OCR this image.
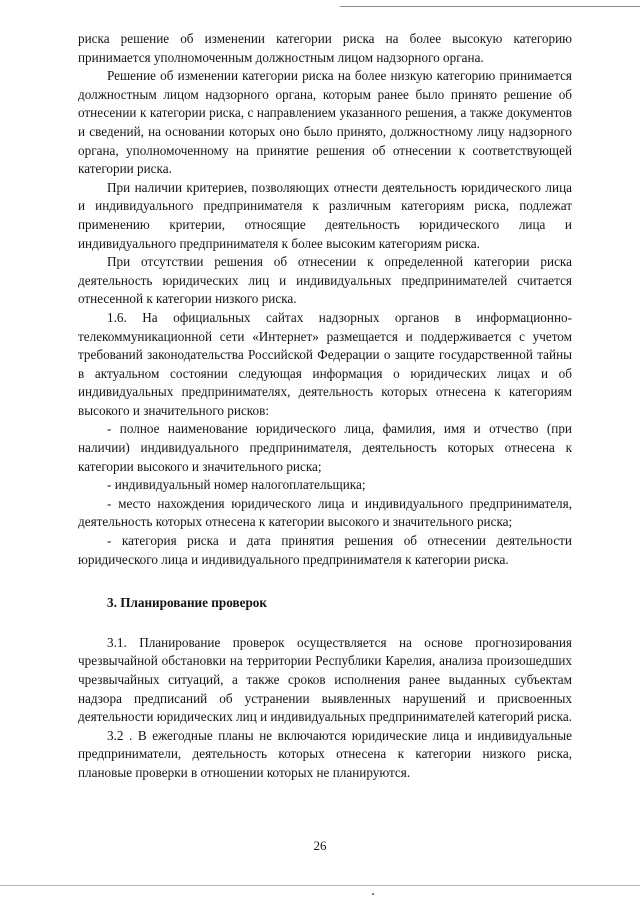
риска решение об изменении категории риска на более высокую категорию принимается уполномоченным должностным лицом надзорного органа.

Решение об изменении категории риска на более низкую категорию принимается должностным лицом надзорного органа, которым ранее было принято решение об отнесении к категории риска, с направлением указанного решения, а также документов и сведений, на основании которых оно было принято, должностному лицу надзорного органа, уполномоченному на принятие решения об отнесении к соответствующей категории риска.

При наличии критериев, позволяющих отнести деятельность юридического лица и индивидуального предпринимателя к различным категориям риска, подлежат применению критерии, относящие деятельность юридического лица и индивидуального предпринимателя к более высоким категориям риска.

При отсутствии решения об отнесении к определенной категории риска деятельность юридических лиц и индивидуальных предпринимателей считается отнесенной к категории низкого риска.

1.6. На официальных сайтах надзорных органов в информационно-телекоммуникационной сети «Интернет» размещается и поддерживается с учетом требований законодательства Российской Федерации о защите государственной тайны в актуальном состоянии следующая информация о юридических лицах и об индивидуальных предпринимателях, деятельность которых отнесена к категориям высокого и значительного рисков:

- полное наименование юридического лица, фамилия, имя и отчество (при наличии) индивидуального предпринимателя, деятельность которых отнесена к категории высокого и значительного риска;

- индивидуальный номер налогоплательщика;

- место нахождения юридического лица и индивидуального предпринимателя, деятельность которых отнесена к категории высокого и значительного риска;

- категория риска и дата принятия решения об отнесении деятельности юридического лица и индивидуального предпринимателя к категории риска.

3. Планирование проверок

3.1. Планирование проверок осуществляется на основе прогнозирования чрезвычайной обстановки на территории Республики Карелия, анализа произошедших чрезвычайных ситуаций, а также сроков исполнения ранее выданных субъектам надзора предписаний об устранении выявленных нарушений и присвоенных деятельности юридических лиц и индивидуальных предпринимателей категорий риска.

3.2 . В ежегодные планы не включаются юридические лица и индивидуальные предприниматели, деятельность которых отнесена к категории низкого риска, плановые проверки в отношении которых не планируются.

26
